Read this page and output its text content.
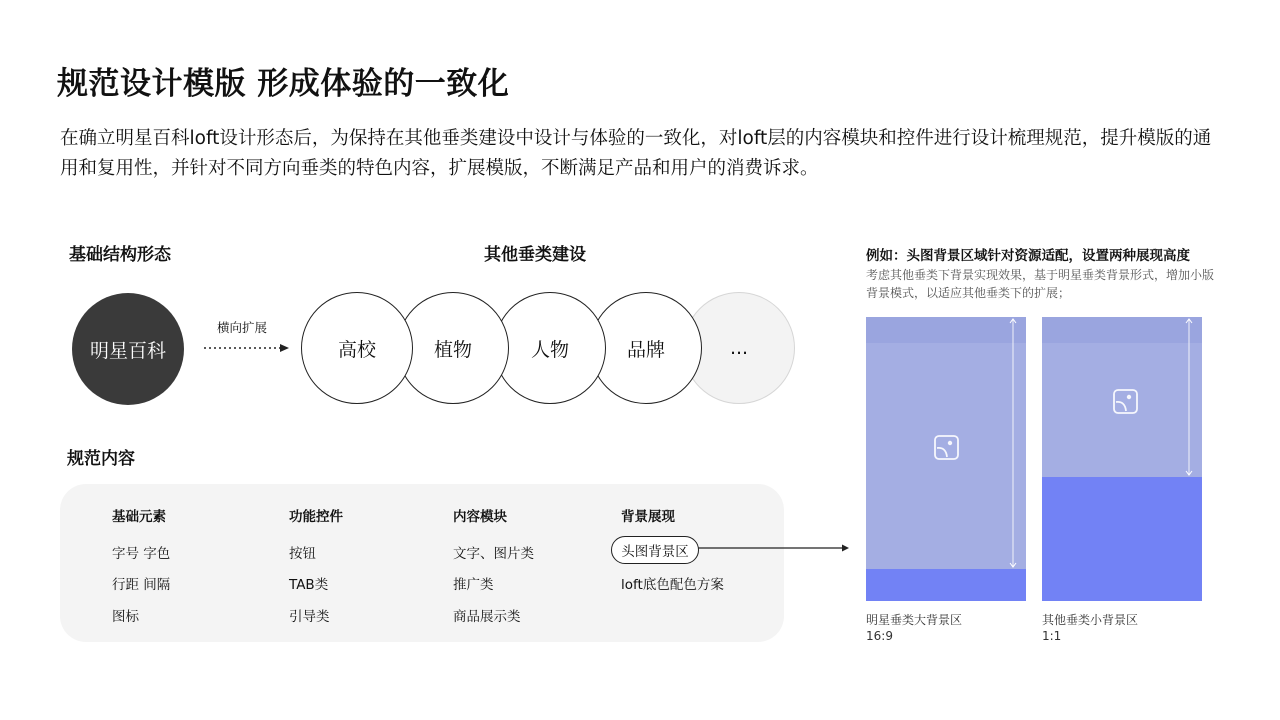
规范设计模版 形成体验的一致化
在确立明星百科loft设计形态后，为保持在其他垂类建设中设计与体验的一致化，对loft层的内容模块和控件进行设计梳理规范，提升模版的通用和复用性，并针对不同方向垂类的特色内容，扩展模版，不断满足产品和用户的消费诉求。
基础结构形态	其他垂类建设
明星百科
横向扩展
...
品牌
人物
植物
高校
规范内容
基础元素
字号 字色
行距 间隔
图标
功能控件
按钮
TAB类
引导类
内容模块
文字、图片类
推广类
商品展示类
背景展现
头图背景区
loft底色配色方案
例如：头图背景区域针对资源适配，设置两种展现高度
考虑其他垂类下背景实现效果，基于明星垂类背景形式，增加小版背景模式，以适应其他垂类下的扩展；
明星垂类大背景区
16:9
其他垂类小背景区
1:1
